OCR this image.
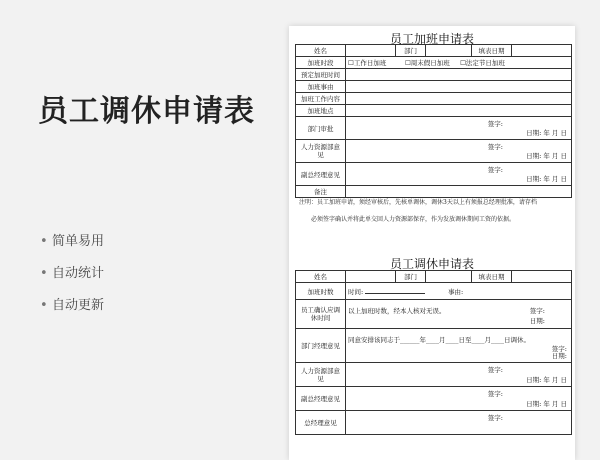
员工调休申请表
• 简单易用
• 自动统计
• 自动更新
员工加班申请表
姓名		部门		填表日期	
加班时段	☐工作日加班 ☐周末假日加班 ☐法定节日加班				
预定加班时间					
加班事由					
加班工作内容					
加班地点					
部门审批	签字:
日期: 年 月 日				

人力资源部意见	签字:
日期: 年 月 日				

副总经理意见	签字:
日期: 年 月 日				

备注					
注明：员工加班申请，须经审核后，先核单调休，调休3天以上有须报总经理批准，请存档
必须签字确认并将此单交回人力资源部保存，作为发放调休期间工资的依据。
员工调休申请表
姓名		部门		填表日期	
加班时数	时间: 事由:				
员工确认应调休时间	以上加班时数，经本人核对无误。 签字:
日期:				

部门经理意见	同意安排该同志于______年____月____日至____月____日调休。
签字:
日期:				

人力资源部意见	签字:
日期: 年 月 日				

副总经理意见	签字:
日期: 年 月 日				

总经理意见	签字:				
